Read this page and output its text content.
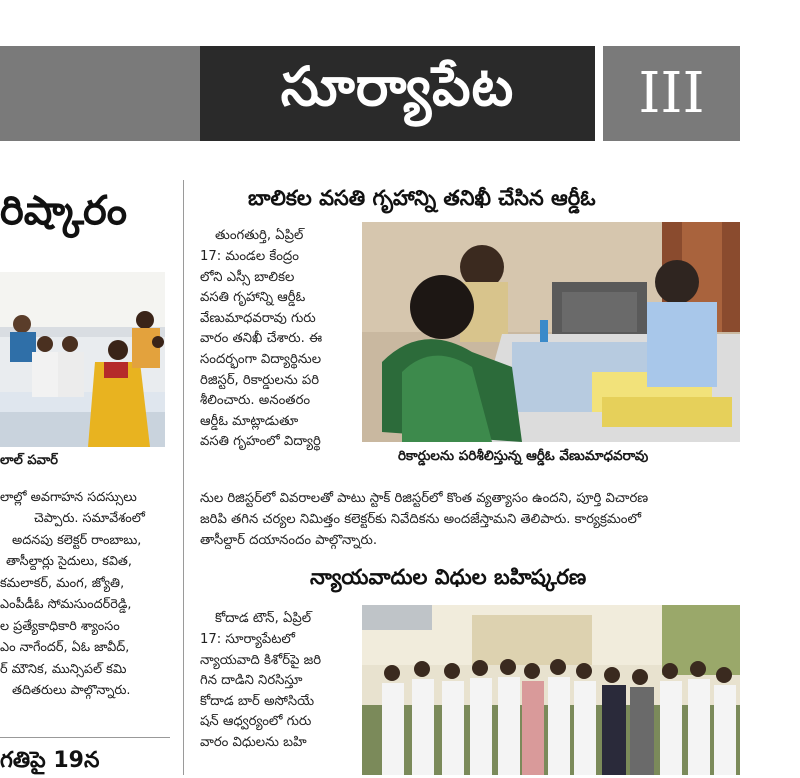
సూర్యాపేట	III
రిష్కారం
లాల్ పవార్
లాల్లో అవగాహన సదస్సులు
చెప్పారు. సమావేశంలో
అదనపు కలెక్టర్ రాంబాబు,
తాసీల్దార్లు సైదులు, కవిత,
కమలాకర్, మంగ, జ్యోతి,
ఎంపీడీఓ సోమసుందర్‌రెడ్డి,
ల ప్రత్యేకాధికారి శ్యాంసం
ఎం నాగేందర్, ఏఓ జావీద్,
ర్ మౌనిక, మున్సిపల్ కమి
తదితరులు పాల్గొన్నారు.
గతిపై 19న
బాలికల వసతి గృహాన్ని తనిఖీ చేసిన ఆర్డీఓ
తుంగతుర్తి, ఏప్రిల్
17: మండల కేంద్రం
లోని ఎస్సీ బాలికల
వసతి గృహాన్ని ఆర్డీఓ
వేణుమాధవరావు గురు
వారం తనిఖీ చేశారు. ఈ
సందర్భంగా విద్యార్థినుల
రిజిస్టర్, రికార్డులను పరి
శీలించారు. అనంతరం
ఆర్డీఓ మాట్లాడుతూ
వసతి గృహంలో విద్యార్థి
రికార్డులను పరిశీలిస్తున్న ఆర్డీఓ వేణుమాధవరావు
నుల రిజిస్టర్‌లో వివరాలతో పాటు స్టాక్ రిజిస్టర్‌లో కొంత వ్యత్యాసం ఉందని, పూర్తి విచారణ
జరిపి తగిన చర్యల నిమిత్తం కలెక్టర్‌కు నివేదికను అందజేస్తామని తెలిపారు. కార్యక్రమంలో
తాసీల్దార్ దయానందం పాల్గొన్నారు.
న్యాయవాదుల విధుల బహిష్కరణ
కోదాడ టౌన్, ఏప్రిల్
17: సూర్యాపేటలో
న్యాయవాది కిశోర్‌పై జరి
గిన దాడిని నిరసిస్తూ
కోదాడ బార్ అసోసియే
షన్ ఆధ్వర్యంలో గురు
వారం విధులను బహి
